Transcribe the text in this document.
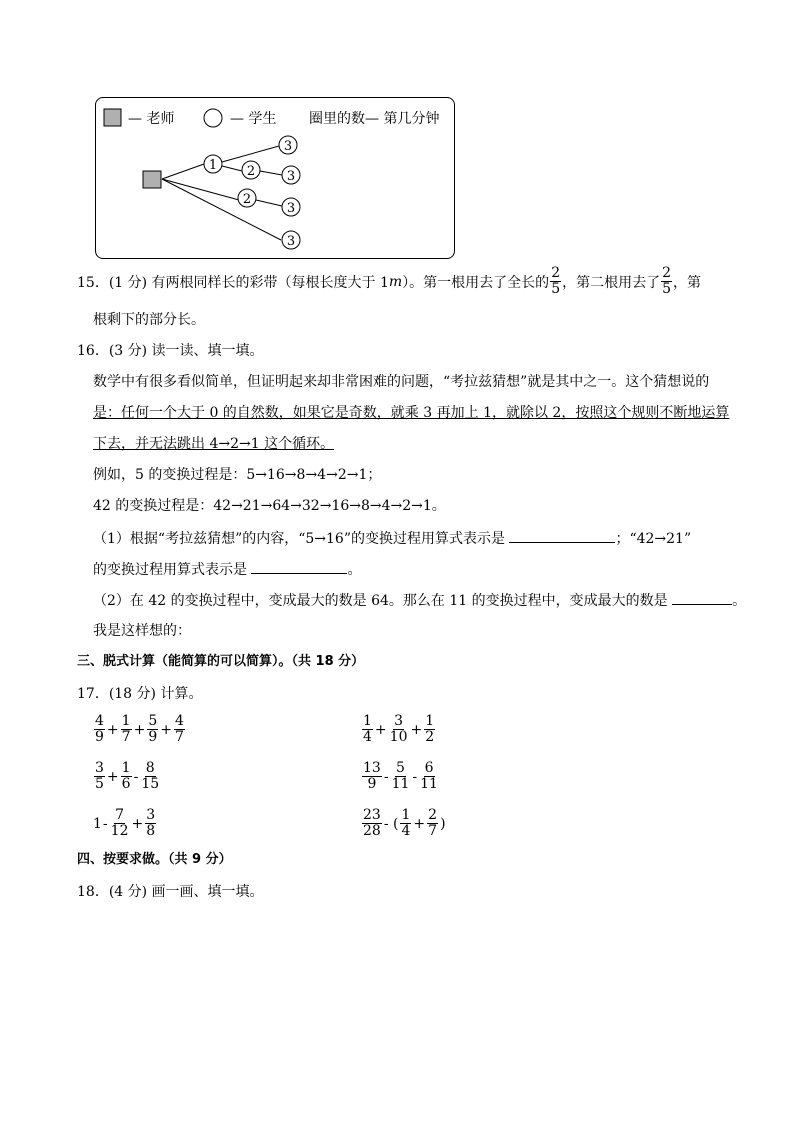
1 2
2
3
3
3
3
— 老师	— 学生 圈里的数— 第几分钟
15．(1 分) 有两根同样长的彩带（每根长度大于 1 m ）。第一根用去了全长的 $\frac{2}{5}$ ，第二根用去了 $\frac{2}{5}$ ，第
根剩下的部分长。
16．(3 分) 读一读、填一填。
数学中有很多看似简单，但证明起来却非常困难的问题，“考拉兹猜想”就是其中之一。这个猜想说的
是：任何一个大于 0 的自然数，如果它是奇数，就乘 3 再加上 1，就除以 2，按照这个规则不断地运算
下去，并无法跳出 4→2→1 这个循环。
例如，5 的变换过程是：5→16→8→4→2→1；
42 的变换过程是：42→21→64→32→16→8→4→2→1。
（1）根据“考拉兹猜想”的内容，“5→16”的变换过程用算式表示是	；“42→21”
的变换过程用算式表示是	。
（2）在 42 的变换过程中，变成最大的数是 64。那么在 11 的变换过程中，变成最大的数是	。
我是这样想的：
三、脱式计算（能简算的可以简算）。（共 18 分）
17．(18 分) 计算。
$\frac{4}{9} + \frac{1}{7} + \frac{5}{9} + \frac{4}{7}$	$\frac{1}{4} + \frac{3}{10} + \frac{1}{2}$
$\frac{3}{5} + \frac{1}{6} - \frac{8}{15}$	$\frac{13}{9} - \frac{5}{11} - \frac{6}{11}$
$1 - \frac{7}{12} + \frac{3}{8}$	$\frac{23}{28}$ - ( $\frac{1}{4} + \frac{2}{7}$ )
四、按要求做。（共 9 分）
18．(4 分) 画一画、填一填。
